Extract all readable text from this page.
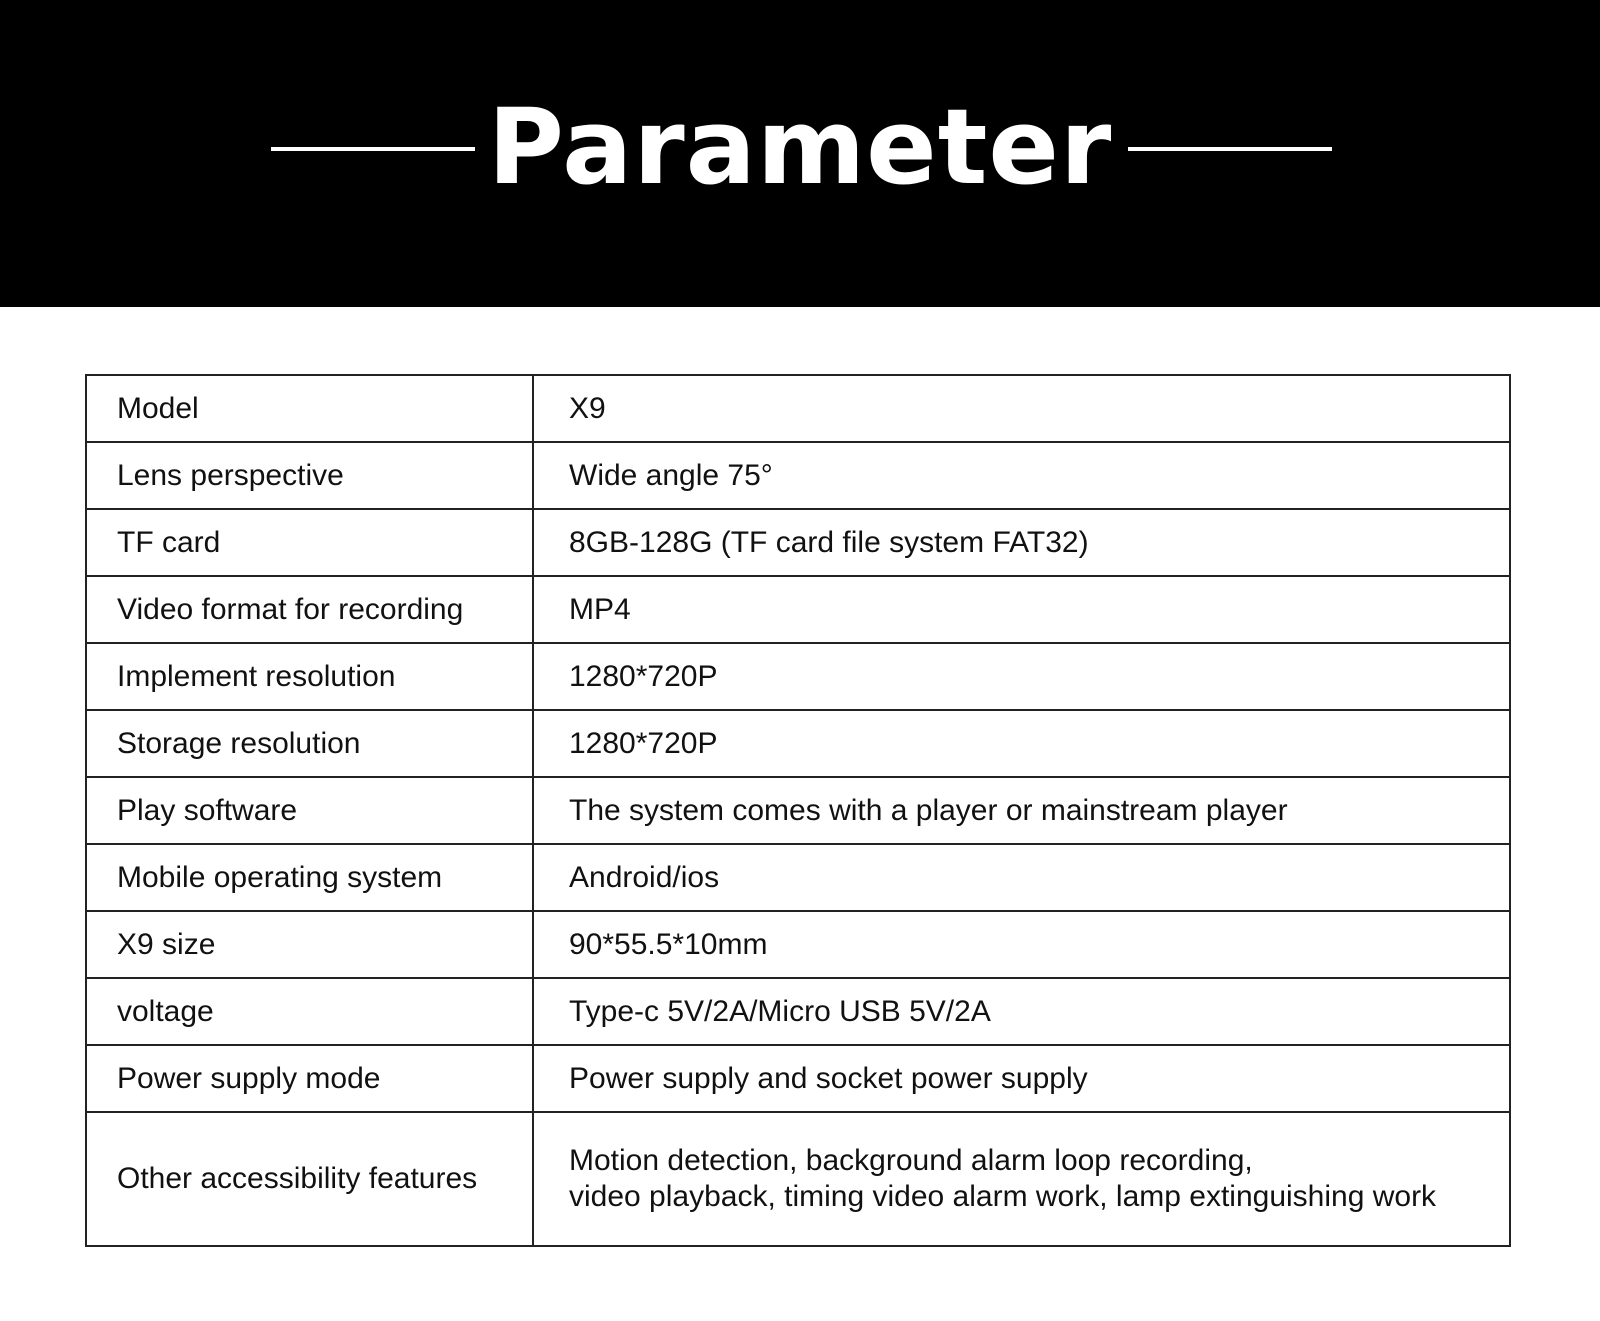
Parameter
Model	X9
Lens perspective	Wide angle 75°
TF card	8GB-128G (TF card file system FAT32)
Video format for recording	MP4
Implement resolution	1280*720P
Storage resolution	1280*720P
Play software	The system comes with a player or mainstream player
Mobile operating system	Android/ios
X9 size	90*55.5*10mm
voltage	Type-c 5V/2A/Micro USB 5V/2A
Power supply mode	Power supply and socket power supply
Other accessibility features	Motion detection, background alarm loop recording,
video playback, timing video alarm work, lamp extinguishing work
